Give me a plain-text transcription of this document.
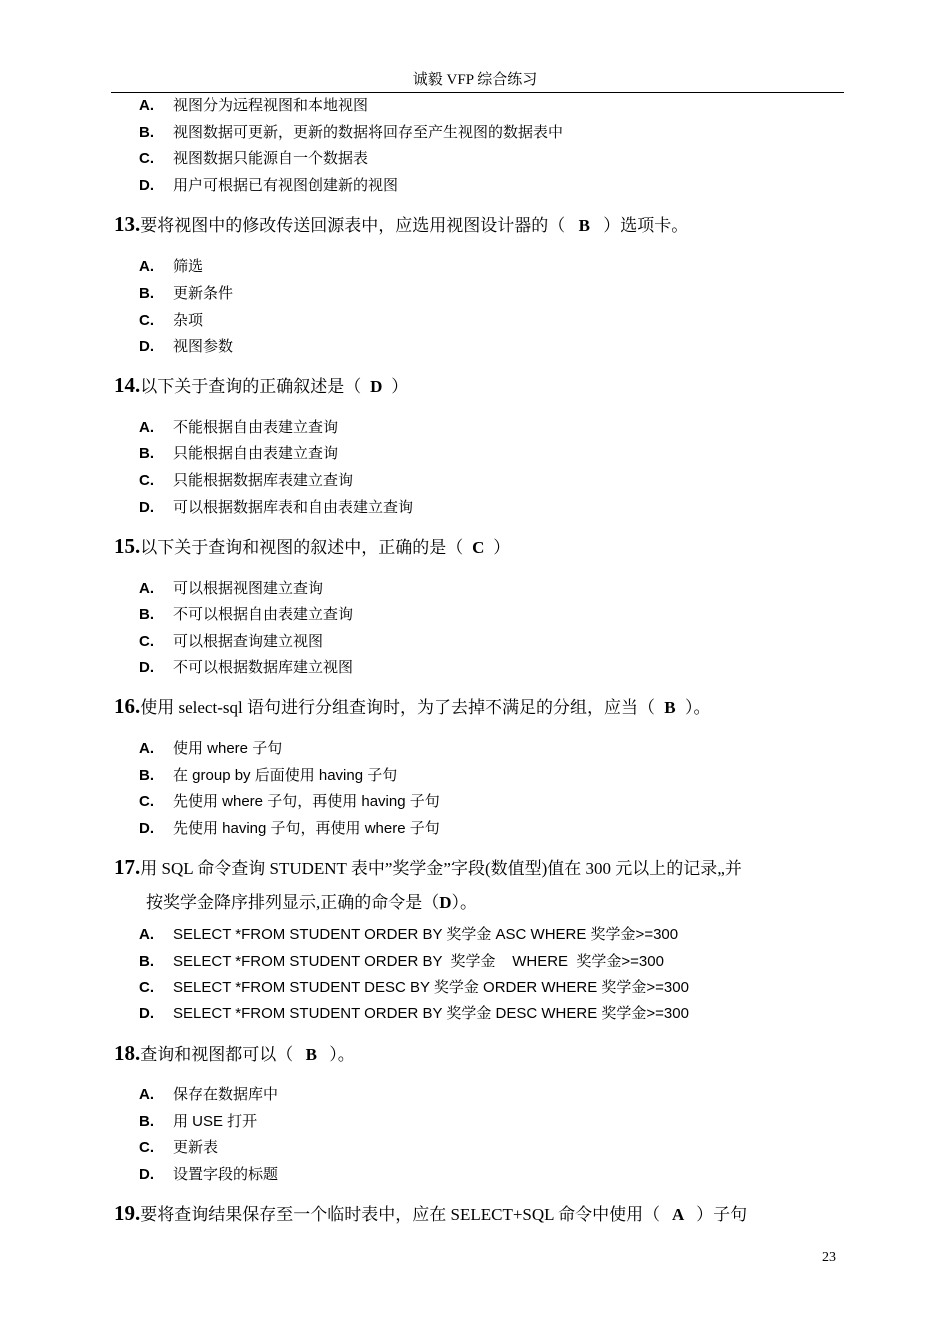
诚毅 VFP 综合练习
A. 视图分为远程视图和本地视图
B. 视图数据可更新，更新的数据将回存至产生视图的数据表中
C. 视图数据只能源自一个数据表
D. 用户可根据已有视图创建新的视图
13.要将视图中的修改传送回源表中，应选用视图设计器的（ B ）选项卡。
A. 筛选
B. 更新条件
C. 杂项
D. 视图参数
14.以下关于查询的正确叙述是（ D ）
A. 不能根据自由表建立查询
B. 只能根据自由表建立查询
C. 只能根据数据库表建立查询
D. 可以根据数据库表和自由表建立查询
15.以下关于查询和视图的叙述中，正确的是（ C ）
A. 可以根据视图建立查询
B. 不可以根据自由表建立查询
C. 可以根据查询建立视图
D. 不可以根据数据库建立视图
16.使用 select-sql 语句进行分组查询时，为了去掉不满足的分组，应当（ B ）。
A. 使用 where 子句
B. 在 group by 后面使用 having 子句
C. 先使用 where 子句，再使用 having 子句
D. 先使用 having 子句，再使用 where 子句
17.用 SQL 命令查询 STUDENT 表中”奖学金”字段(数值型)值在 300 元以上的记录„并
按奖学金降序排列显示,正确的命令是（D）。
A. SELECT *FROM STUDENT ORDER BY 奖学金 ASC WHERE 奖学金>=300
B. SELECT *FROM STUDENT ORDER BY  奖学金    WHERE  奖学金>=300
C. SELECT *FROM STUDENT DESC BY 奖学金 ORDER WHERE 奖学金>=300
D. SELECT *FROM STUDENT ORDER BY 奖学金 DESC WHERE 奖学金>=300
18.查询和视图都可以（ B ）。
A. 保存在数据库中
B. 用 USE 打开
C. 更新表
D. 设置字段的标题
19.要将查询结果保存至一个临时表中，应在 SELECT+SQL 命令中使用（ A ）子句
23
